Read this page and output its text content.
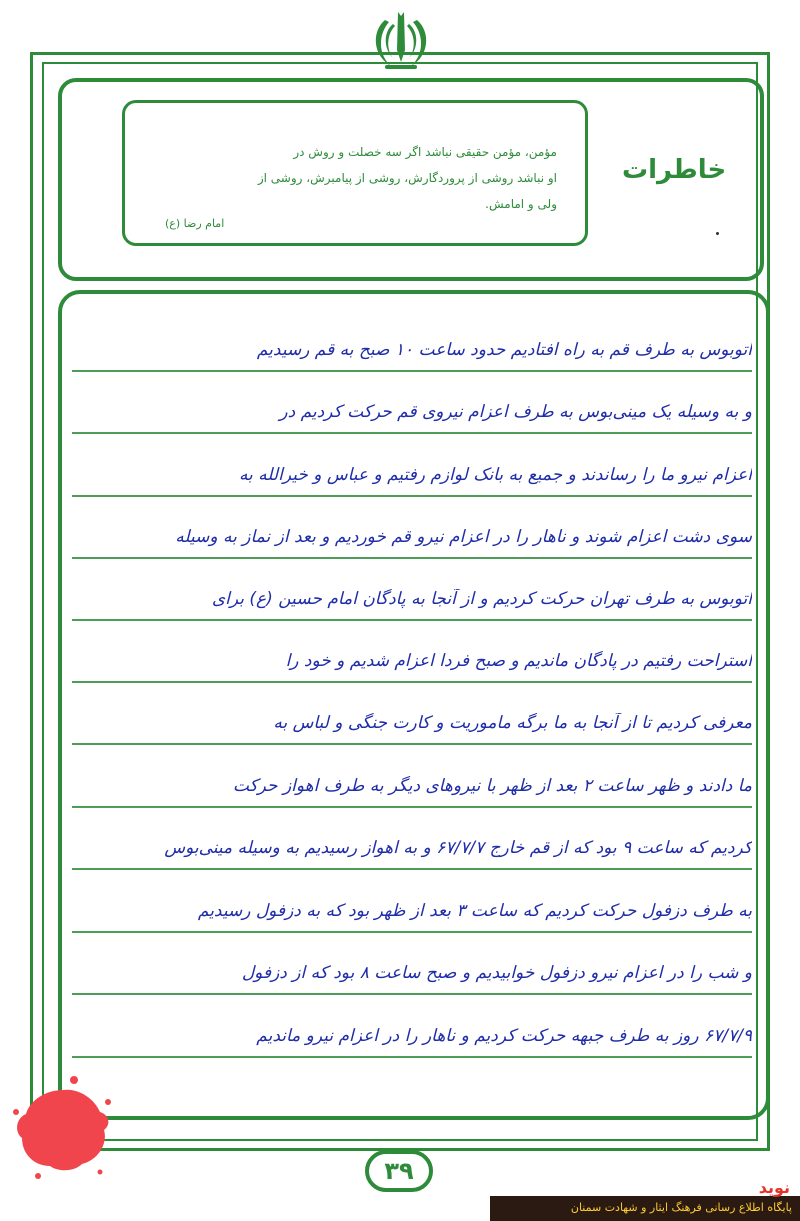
مؤمن، مؤمن حقیقی نباشد اگر سه خصلت و روش در
او نباشد روشی از پروردگارش، روشی از پیامبرش، روشی از
ولی و امامش.
امام رضا (ع)
خاطرات
اتوبوس به طرف قم به راه افتادیم حدود ساعت ۱۰ صبح به قم رسیدیم
و به وسیله یک مینی‌بوس به طرف اعزام نیروی قم حرکت کردیم در
اعزام نیرو ما را رساندند و جمیع به بانک لوازم رفتیم و عباس و خیرالله به
سوی دشت اعزام شوند و ناهار را در اعزام نیرو قم خوردیم و بعد از نماز به وسیله
اتوبوس به طرف تهران حرکت کردیم و از آنجا به پادگان امام حسین (ع) برای
استراحت رفتیم در پادگان ماندیم و صبح فردا اعزام شدیم و خود را
معرفی کردیم تا از آنجا به ما برگه ماموریت و کارت جنگی و لباس به
ما دادند و ظهر ساعت ۲ بعد از ظهر با نیروهای دیگر به طرف اهواز حرکت
کردیم که ساعت ۹ بود که از قم خارج ۶۷/۷/۷ و به اهواز رسیدیم به وسیله مینی‌بوس
به طرف دزفول حرکت کردیم که ساعت ۳ بعد از ظهر بود که به دزفول رسیدیم
و شب را در اعزام نیرو دزفول خوابیدیم و صبح ساعت ۸ بود که از دزفول
۶۷/۷/۹ روز به طرف جبهه حرکت کردیم و ناهار را در اعزام نیرو ماندیم
۳۹
نوید
پایگاه اطلاع رسانی فرهنگ ایثار و شهادت سمنان
